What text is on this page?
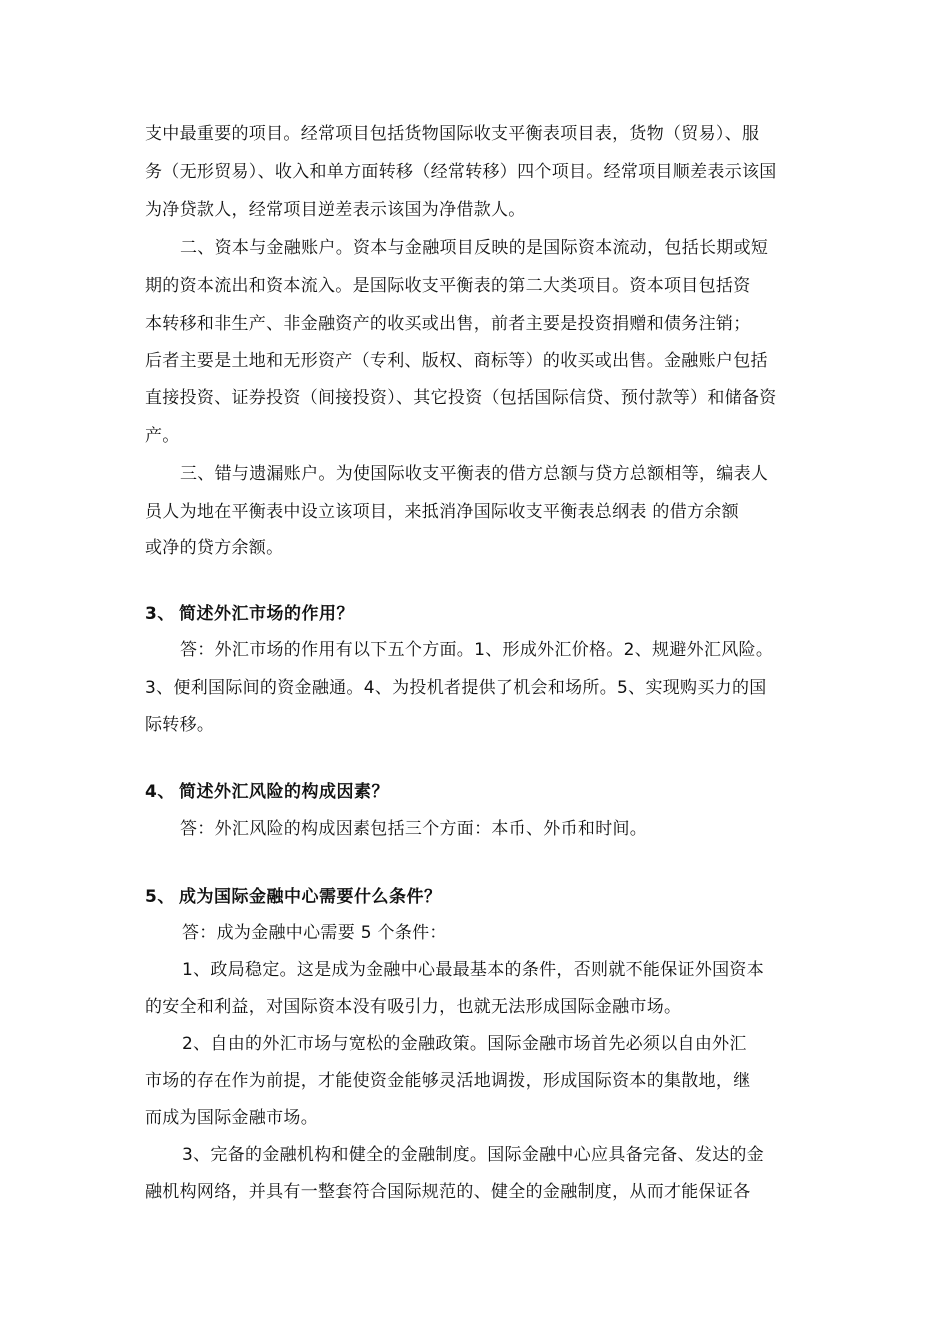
支中最重要的项目。经常项目包括货物国际收支平衡表项目表，货物（贸易）、服
务（无形贸易）、收入和单方面转移（经常转移）四个项目。经常项目顺差表示该国
为净贷款人，经常项目逆差表示该国为净借款人。
二、资本与金融账户。资本与金融项目反映的是国际资本流动，包括长期或短
期的资本流出和资本流入。是国际收支平衡表的第二大类项目。资本项目包括资
本转移和非生产、非金融资产的收买或出售，前者主要是投资捐赠和债务注销；
后者主要是土地和无形资产（专利、版权、商标等）的收买或出售。金融账户包括
直接投资、证券投资（间接投资）、其它投资（包括国际信贷、预付款等）和储备资
产。
三、错与遗漏账户。为使国际收支平衡表的借方总额与贷方总额相等，编表人
员人为地在平衡表中设立该项目，来抵消净国际收支平衡表总纲表 的借方余额
或净的贷方余额。
3、 简述外汇市场的作用？
答：外汇市场的作用有以下五个方面。1、形成外汇价格。2、规避外汇风险。
3、便利国际间的资金融通。4、为投机者提供了机会和场所。5、实现购买力的国
际转移。
4、 简述外汇风险的构成因素？
答：外汇风险的构成因素包括三个方面：本币、外币和时间。
5、 成为国际金融中心需要什么条件？
答：成为金融中心需要 5 个条件：
1、政局稳定。这是成为金融中心最最基本的条件，否则就不能保证外国资本
的安全和利益，对国际资本没有吸引力，也就无法形成国际金融市场。
2、自由的外汇市场与宽松的金融政策。国际金融市场首先必须以自由外汇
市场的存在作为前提，才能使资金能够灵活地调拨，形成国际资本的集散地，继
而成为国际金融市场。
3、完备的金融机构和健全的金融制度。国际金融中心应具备完备、发达的金
融机构网络，并具有一整套符合国际规范的、健全的金融制度，从而才能保证各
